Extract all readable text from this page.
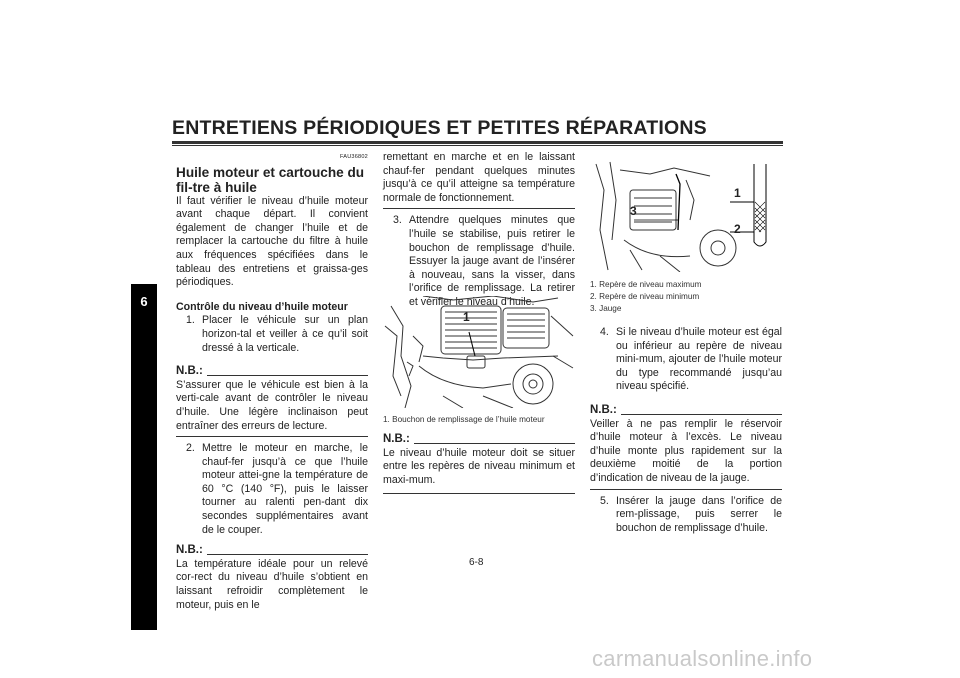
ENTRETIENS PÉRIODIQUES ET PETITES RÉPARATIONS
6
FAU36802
Huile moteur et cartouche du fil-tre à huile

Il faut vérifier le niveau d’huile moteur avant chaque départ. Il convient également de changer l’huile et de remplacer la cartouche du filtre à huile aux fréquences spécifiées dans le tableau des entretiens et graissa-ges périodiques.

Contrôle du niveau d’huile moteur

1. Placer le véhicule sur un plan horizon-tal et veiller à ce qu’il soit dressé à la verticale.
N.B.:

S’assurer que le véhicule est bien à la verti-cale avant de contrôler le niveau d’huile. Une légère inclinaison peut entraîner des erreurs de lecture.

2. Mettre le moteur en marche, le chauf-fer jusqu’à ce que l’huile moteur attei-gne la température de 60 °C (140 °F), puis le laisser tourner au ralenti pen-dant dix secondes supplémentaires avant de le couper.
N.B.:

La température idéale pour un relevé cor-rect du niveau d’huile s’obtient en laissant refroidir complètement le moteur, puis en le

remettant en marche et en le laissant chauf-fer pendant quelques minutes jusqu’à ce qu’il atteigne sa température normale de fonctionnement.

3. Attendre quelques minutes que l’huile se stabilise, puis retirer le bouchon de remplissage d’huile. Essuyer la jauge avant de l’insérer à nouveau, sans la visser, dans l’orifice de remplissage. La retirer et vérifier le niveau d’huile.
1
1. Bouchon de remplissage de l’huile moteur
N.B.:

Le niveau d’huile moteur doit se situer entre les repères de niveau minimum et maxi-mum.

1
2
3
1. Repère de niveau maximum
2. Repère de niveau minimum
3. Jauge
4. Si le niveau d’huile moteur est égal ou inférieur au repère de niveau mini-mum, ajouter de l’huile moteur du type recommandé jusqu’au niveau spécifié.
N.B.:

Veiller à ne pas remplir le réservoir d’huile moteur à l’excès. Le niveau d’huile monte plus rapidement sur la deuxième moitié de la portion d’indication de niveau de la jauge.

5. Insérer la jauge dans l’orifice de rem-plissage, puis serrer le bouchon de remplissage d’huile.
6-8
carmanualsonline.info
